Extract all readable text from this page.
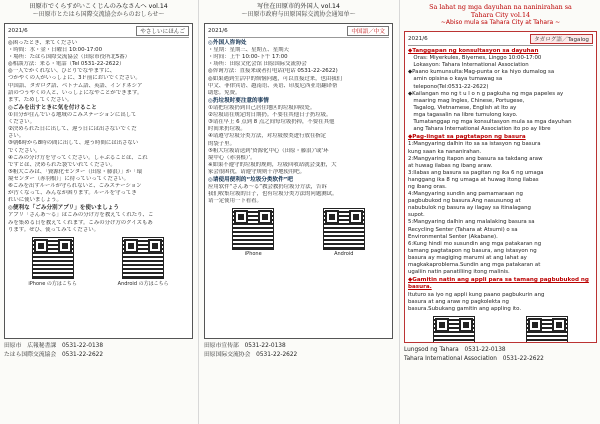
田原市でくらすがいこくじんのみなさんへ vol.14
～田原市とたはら国際交流協会からのおしらせ～
2021/6	やさしいにほんご
◎困ったとき、来てください
・時間：水・金・日曜日 10:00-17:00
・場所：たはら国際交流協会（田原市役所北5番）
◎相談方法：来る・電話（Tel 0531-22-2622）
◎一人でかくれない、ひとりでなやまずに、
つかやくの人がいっしょに、3Ｆ前においでください。
中国語、タガログ語、ベトナム語、英語、インドネシア
語のつうやくの人と、いっしょになやことができます。
まず、ためしてください。
◎ごみを出すときに気を付けること
①自分が住んでいる地域のごみステーションに出して
ください。
②決められた日に出して、違う日には出さないでくだ
さい。
③朝6時から8時の間に出して、違う時間には出さない
でください。
④ごみの分け方を守ってください。しゃぶることは、これ
ですとは、決められた袋でいれてください。
⑤粗大ごみは、「資源化センター（田原・藤浪）」か「環
境センター（赤羽根）」に持っていってください。
⑥ごみを出すルールが守られないと、ごみステーション
が汚くなって、みんなが困ります。ルールを守ってき
れいに使いましょう。
◎便利な「ごみ分別アプリ」を使いましょう
アプリ「さんあ～る」はごみの分け方を教えてくれたり、ご
みを集める日を教えてくれます。ごみの分け方のクイズもあ
ります。ぜひ、使ってみてください。
iPhone の方はこちら	Android の方はこちら
田原市　広報秘書課　0531-22-0138
たはら国際交流協会　0531-22-2622
写住在田原市的外国人 vol.14
～田原市政府与田原国际交流协会通知单～
2021/6	中国語／中文
◎外国人咨询处
・星期：星期三、星期五、星期天
・时间：上午 10:00-下午 17:00
・场所：田原文化会馆 田原国际交流协会
◎咨询方法：直接来或者打电话(电话 0531-22-2622)
◎如果遇到生活中的烦恼问题，可以直接过来，也由我们
中文、菲律宾语、越南语、英语、印度尼西亚语翻译帮
助您。免费。
◎扔垃圾时要注意的事情
①请把垃圾扔到自己居住地区的垃圾回收处。
②垃圾请在规定的日期扔。不要在其他日子扔垃圾。
③请在早上 6 点到 8 点之间每垃圾扔掉，不要在其他
时间来扔垃圾。
④请遵守垃圾分类方法，对垃圾按类进行放在指定
的袋子里。
⑤粗大垃圾请送到‘资源化中心（田原・藤浪）’或‘环
境中心（赤羽根）’。
※如果不遵守的垃圾的规则，垃圾回收站就会变脏，大
家会很困扰，请遵守规则干净地使用吧。
◎请使用便利的“垃圾分类软件”吧
应用软件“さんあ～る”教会教扔垃圾分方法，告诉
我们收集垃圾的日子，也有垃圾分类方法的问题测试。
请一定使用一下看看。
iPhone	Android
田原市宣传部　0531-22-0138
田原国际交流协会　0531-22-2622
Sa lahat ng mga dayuhan na naninirahan sa
Tahara City vol.14
~Abiso mula sa Tahara City at Tahara ~
2021/6	タガログ語／Tagalog
◆Tanggapan ng konsultasyon sa dayuhan
　Oras: Miyerkules, Biyernes, Linggo 10:00-17:00
　Lokasyon: Tahara International Association
◆Paano kumunsulta:Mag-punta or ka hiyo dumalog sa
　amin opisina o kaya tumawag sa
　telepono(Tel:0531-22-2622)
◆Kailangan mo ng t u l o n g pagkuha ng mga papeles ay
　maaring mag Ingles, Chinese, Portugese,
　Tagalog, Vietnamese, English at Ito ay
　mga tagasalin na libre tumulong kayo.
　Tumatanggap ng mga konsultasyon mula sa mga dayuhan
　ang Tahara International Association ito po ay libre
◆Pag-iingat sa pagtatapon ng basura
1:Mangyaring dalhin ito sa sa istasyon ng basura
kung saan ka nananirahan.
2:Mangyaring itapon ang basura sa takdang araw
at huwag ilabas ng ibang araw.
3:Ilabas ang basura sa pagitan ng ika 6 ng umaga
hanggang ika 8 ng umaga at huwag itong ilabas
ng ibang oras.
4:Mangyaring sundin ang pamamaraan ng
pagbubukod ng basura.Ang nasusunog at
nabubulok ng basura ay ilagay sa itinalagang
supot.
5:Mangyaring dalhin ang malalaking basura sa
Recycling Senter (Tahara at Atsumi) o sa
Environmental Senter (Akabane).
6:Kung hindi mo susundin ang mga patakaran ng
tamang pagtatapon ng basura, ang istasyon ng
basura ay magiging marumi at ang lahat ay
magkakaproblema.Sundin ang mga patakaran at
ugaliin natin panatiliing itong malinis.
◆Gamitin natin ang appli para sa tamang pagbubukod ng basura.
Ituturo sa iyo ng appli kung paano pagbukurin ang
basura at ang araw ng pagkolekta ng
basura.Subukang gamitin ang appling ito.
Lungsod ng Tahara　0531-22-0138
Tahara International Association　0531-22-2622
